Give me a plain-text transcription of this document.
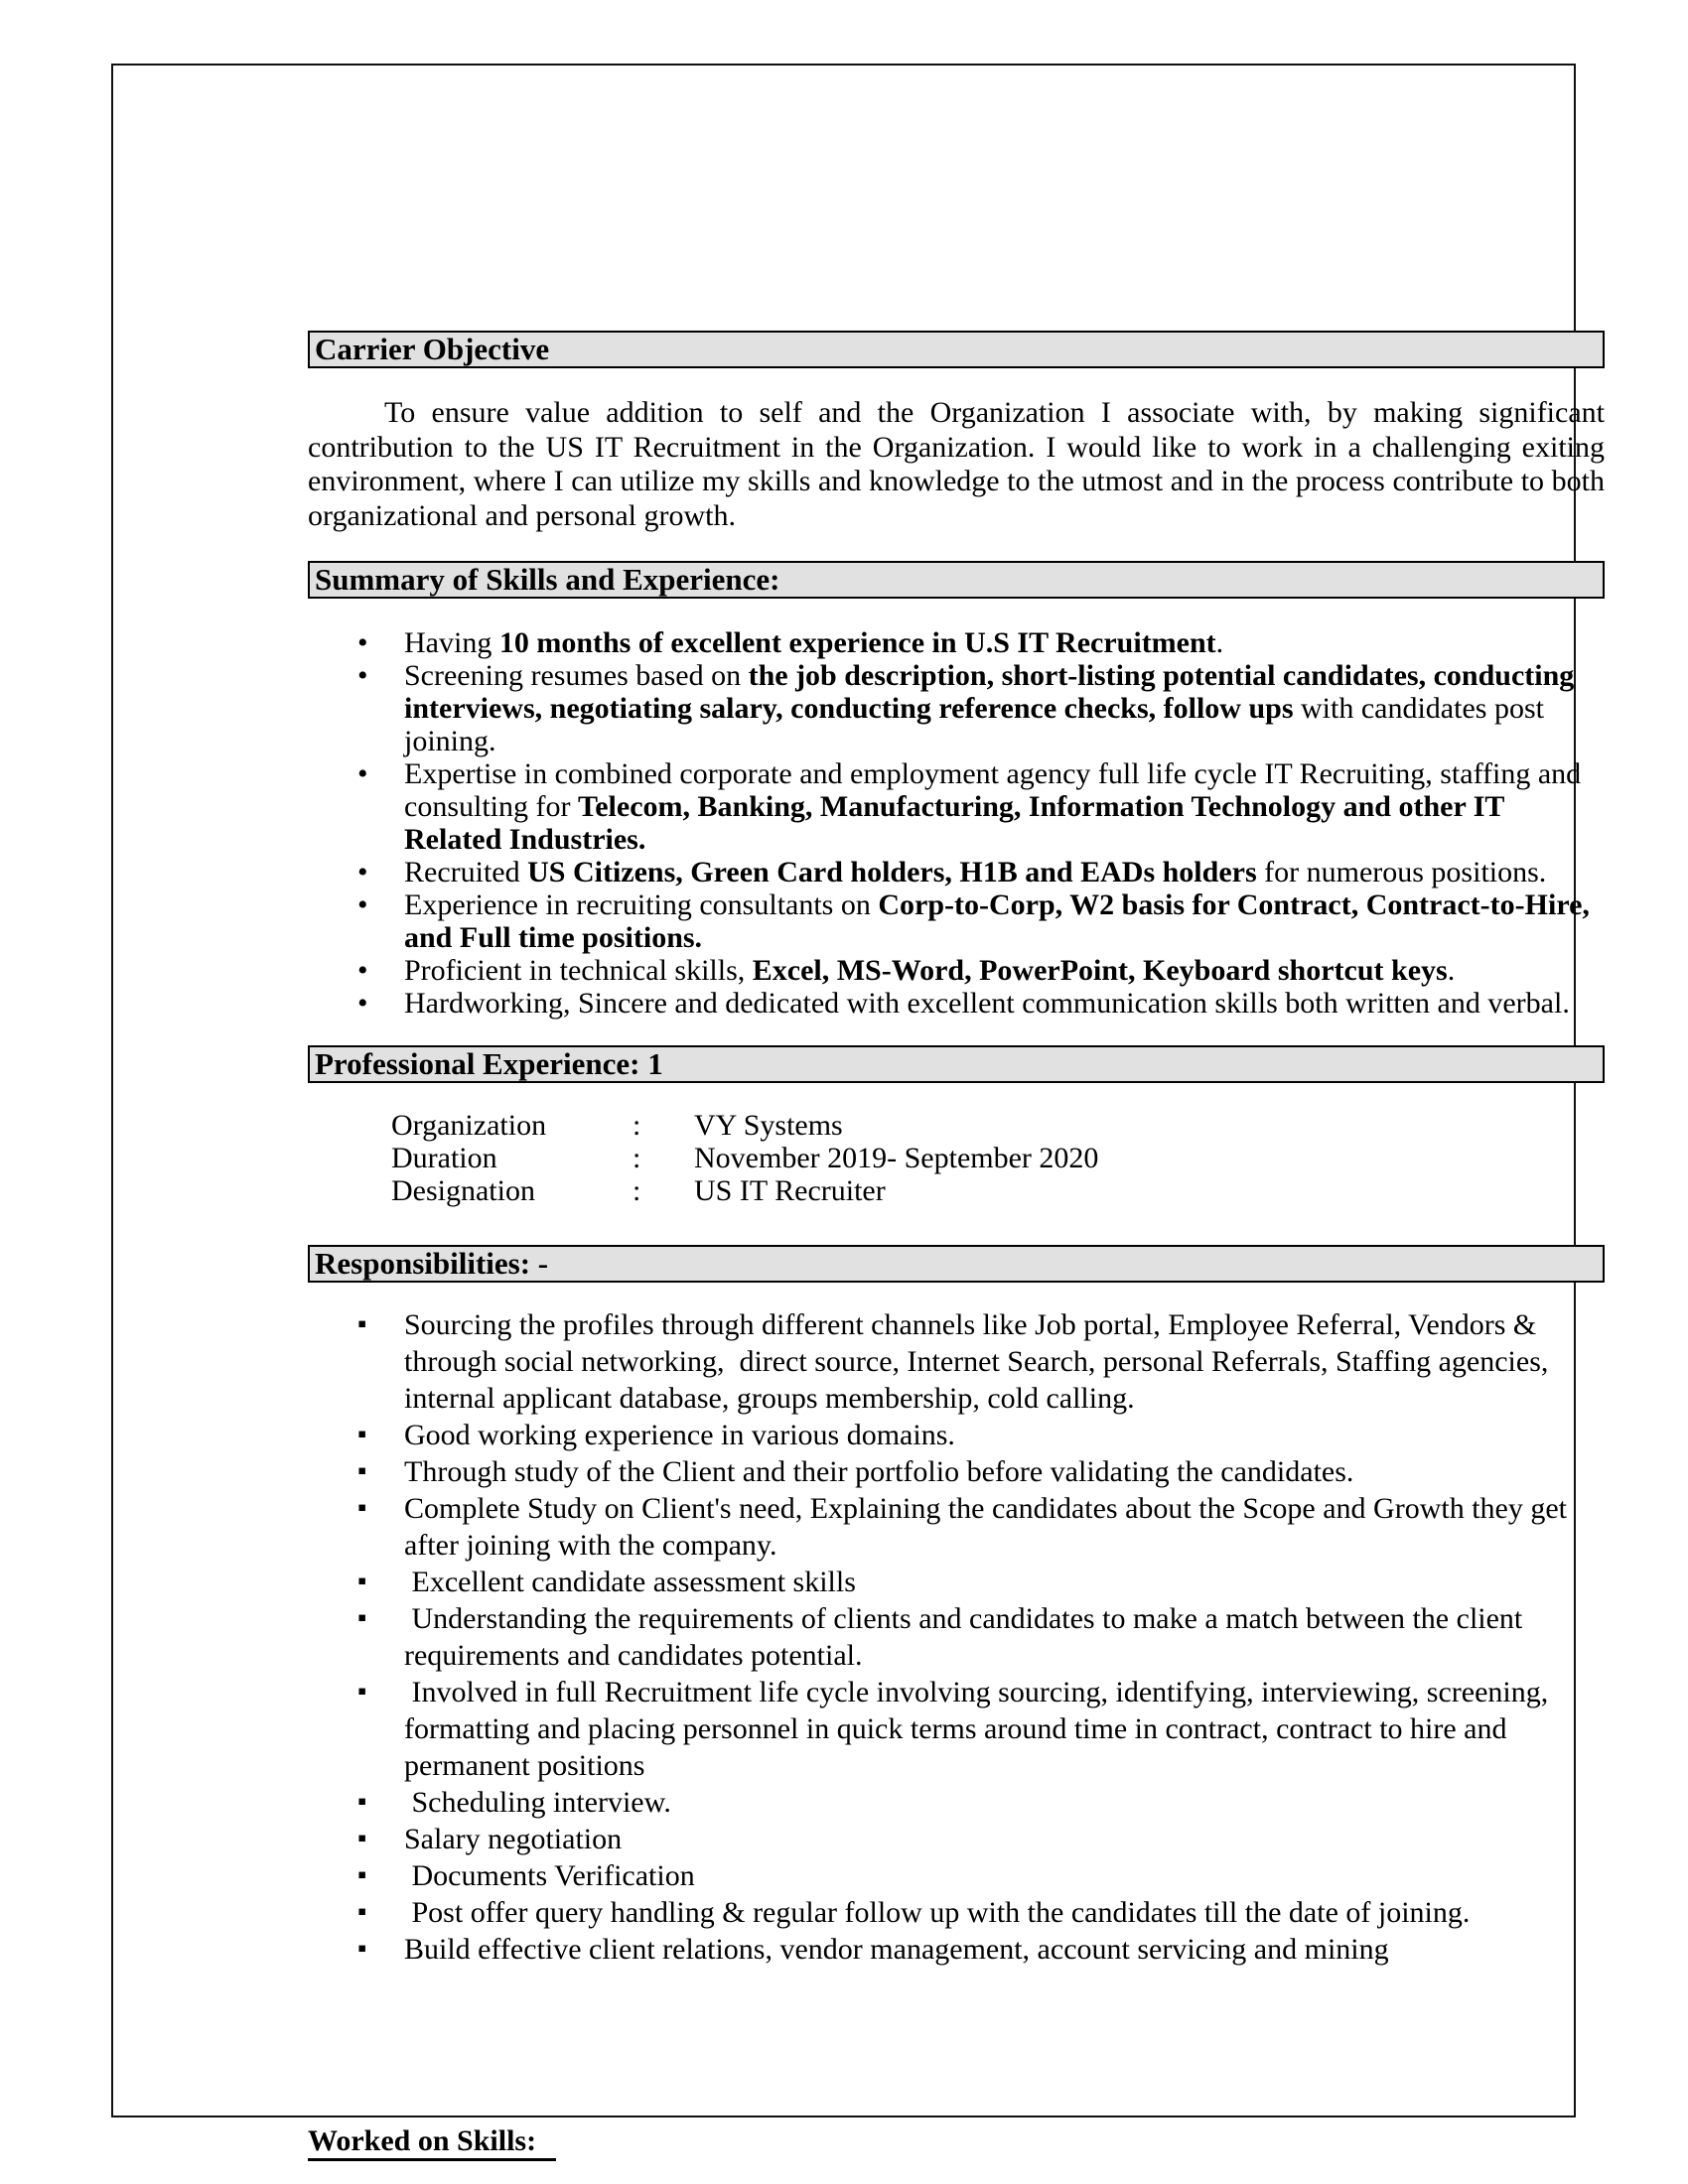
Carrier Objective

To ensure value addition to self and the Organization I associate with, by making significant contribution to the US IT Recruitment in the Organization. I would like to work in a challenging exiting environment, where I can utilize my skills and knowledge to the utmost and in the process contribute to both organizational and personal growth.

Summary of Skills and Experience:
• Having 10 months of excellent experience in U.S IT Recruitment.
• Screening resumes based on the job description, short-listing potential candidates, conducting interviews, negotiating salary, conducting reference checks, follow ups with candidates post joining.
• Expertise in combined corporate and employment agency full life cycle IT Recruiting, staffing and consulting for Telecom, Banking, Manufacturing, Information Technology and other IT Related Industries.
• Recruited US Citizens, Green Card holders, H1B and EADs holders for numerous positions.
• Experience in recruiting consultants on Corp-to-Corp, W2 basis for Contract, Contract-to-Hire, and Full time positions.
• Proficient in technical skills, Excel, MS-Word, PowerPoint, Keyboard shortcut keys.
• Hardworking, Sincere and dedicated with excellent communication skills both written and verbal.
Professional Experience: 1
Organization	: VY Systems
Duration	: November 2019- September 2020
Designation	: US IT Recruiter
Responsibilities: -
▪ Sourcing the profiles through different channels like Job portal, Employee Referral, Vendors & through social networking,  direct source, Internet Search, personal Referrals, Staffing agencies, internal applicant database, groups membership, cold calling.
▪ Good working experience in various domains.
▪ Through study of the Client and their portfolio before validating the candidates.
▪ Complete Study on Client's need, Explaining the candidates about the Scope and Growth they get after joining with the company.
▪ Excellent candidate assessment skills
▪ Understanding the requirements of clients and candidates to make a match between the client requirements and candidates potential.
▪ Involved in full Recruitment life cycle involving sourcing, identifying, interviewing, screening, formatting and placing personnel in quick terms around time in contract, contract to hire and permanent positions
▪ Scheduling interview.
▪ Salary negotiation
▪ Documents Verification
▪ Post offer query handling & regular follow up with the candidates till the date of joining.
▪ Build effective client relations, vendor management, account servicing and mining
Worked on Skills:
